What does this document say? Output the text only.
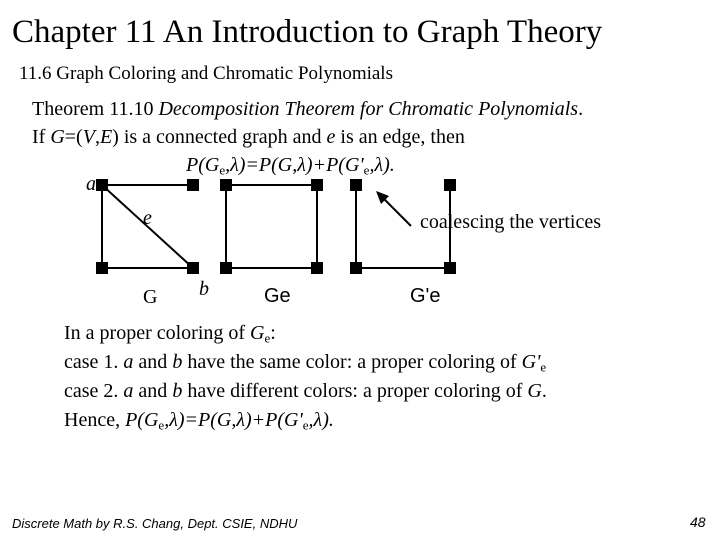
Chapter 11 An Introduction to Graph Theory
11.6 Graph Coloring and Chromatic Polynomials
Theorem 11.10 Decomposition Theorem for Chromatic Polynomials.
If G=(V,E) is a connected graph and e is an edge, then
$P(G_e,\lambda)=P(G,\lambda)+P(G'_e,\lambda)$.
a
e
b
G	Ge	G'e
coalescing the vertices
In a proper coloring of $G_e$:
case 1. a and b have the same color: a proper coloring of $G'_e$
case 2. a and b have different colors: a proper coloring of G.
Hence, $P(G_e,\lambda)=P(G,\lambda)+P(G'_e,\lambda)$.
Discrete Math by R.S. Chang, Dept. CSIE, NDHU	48
